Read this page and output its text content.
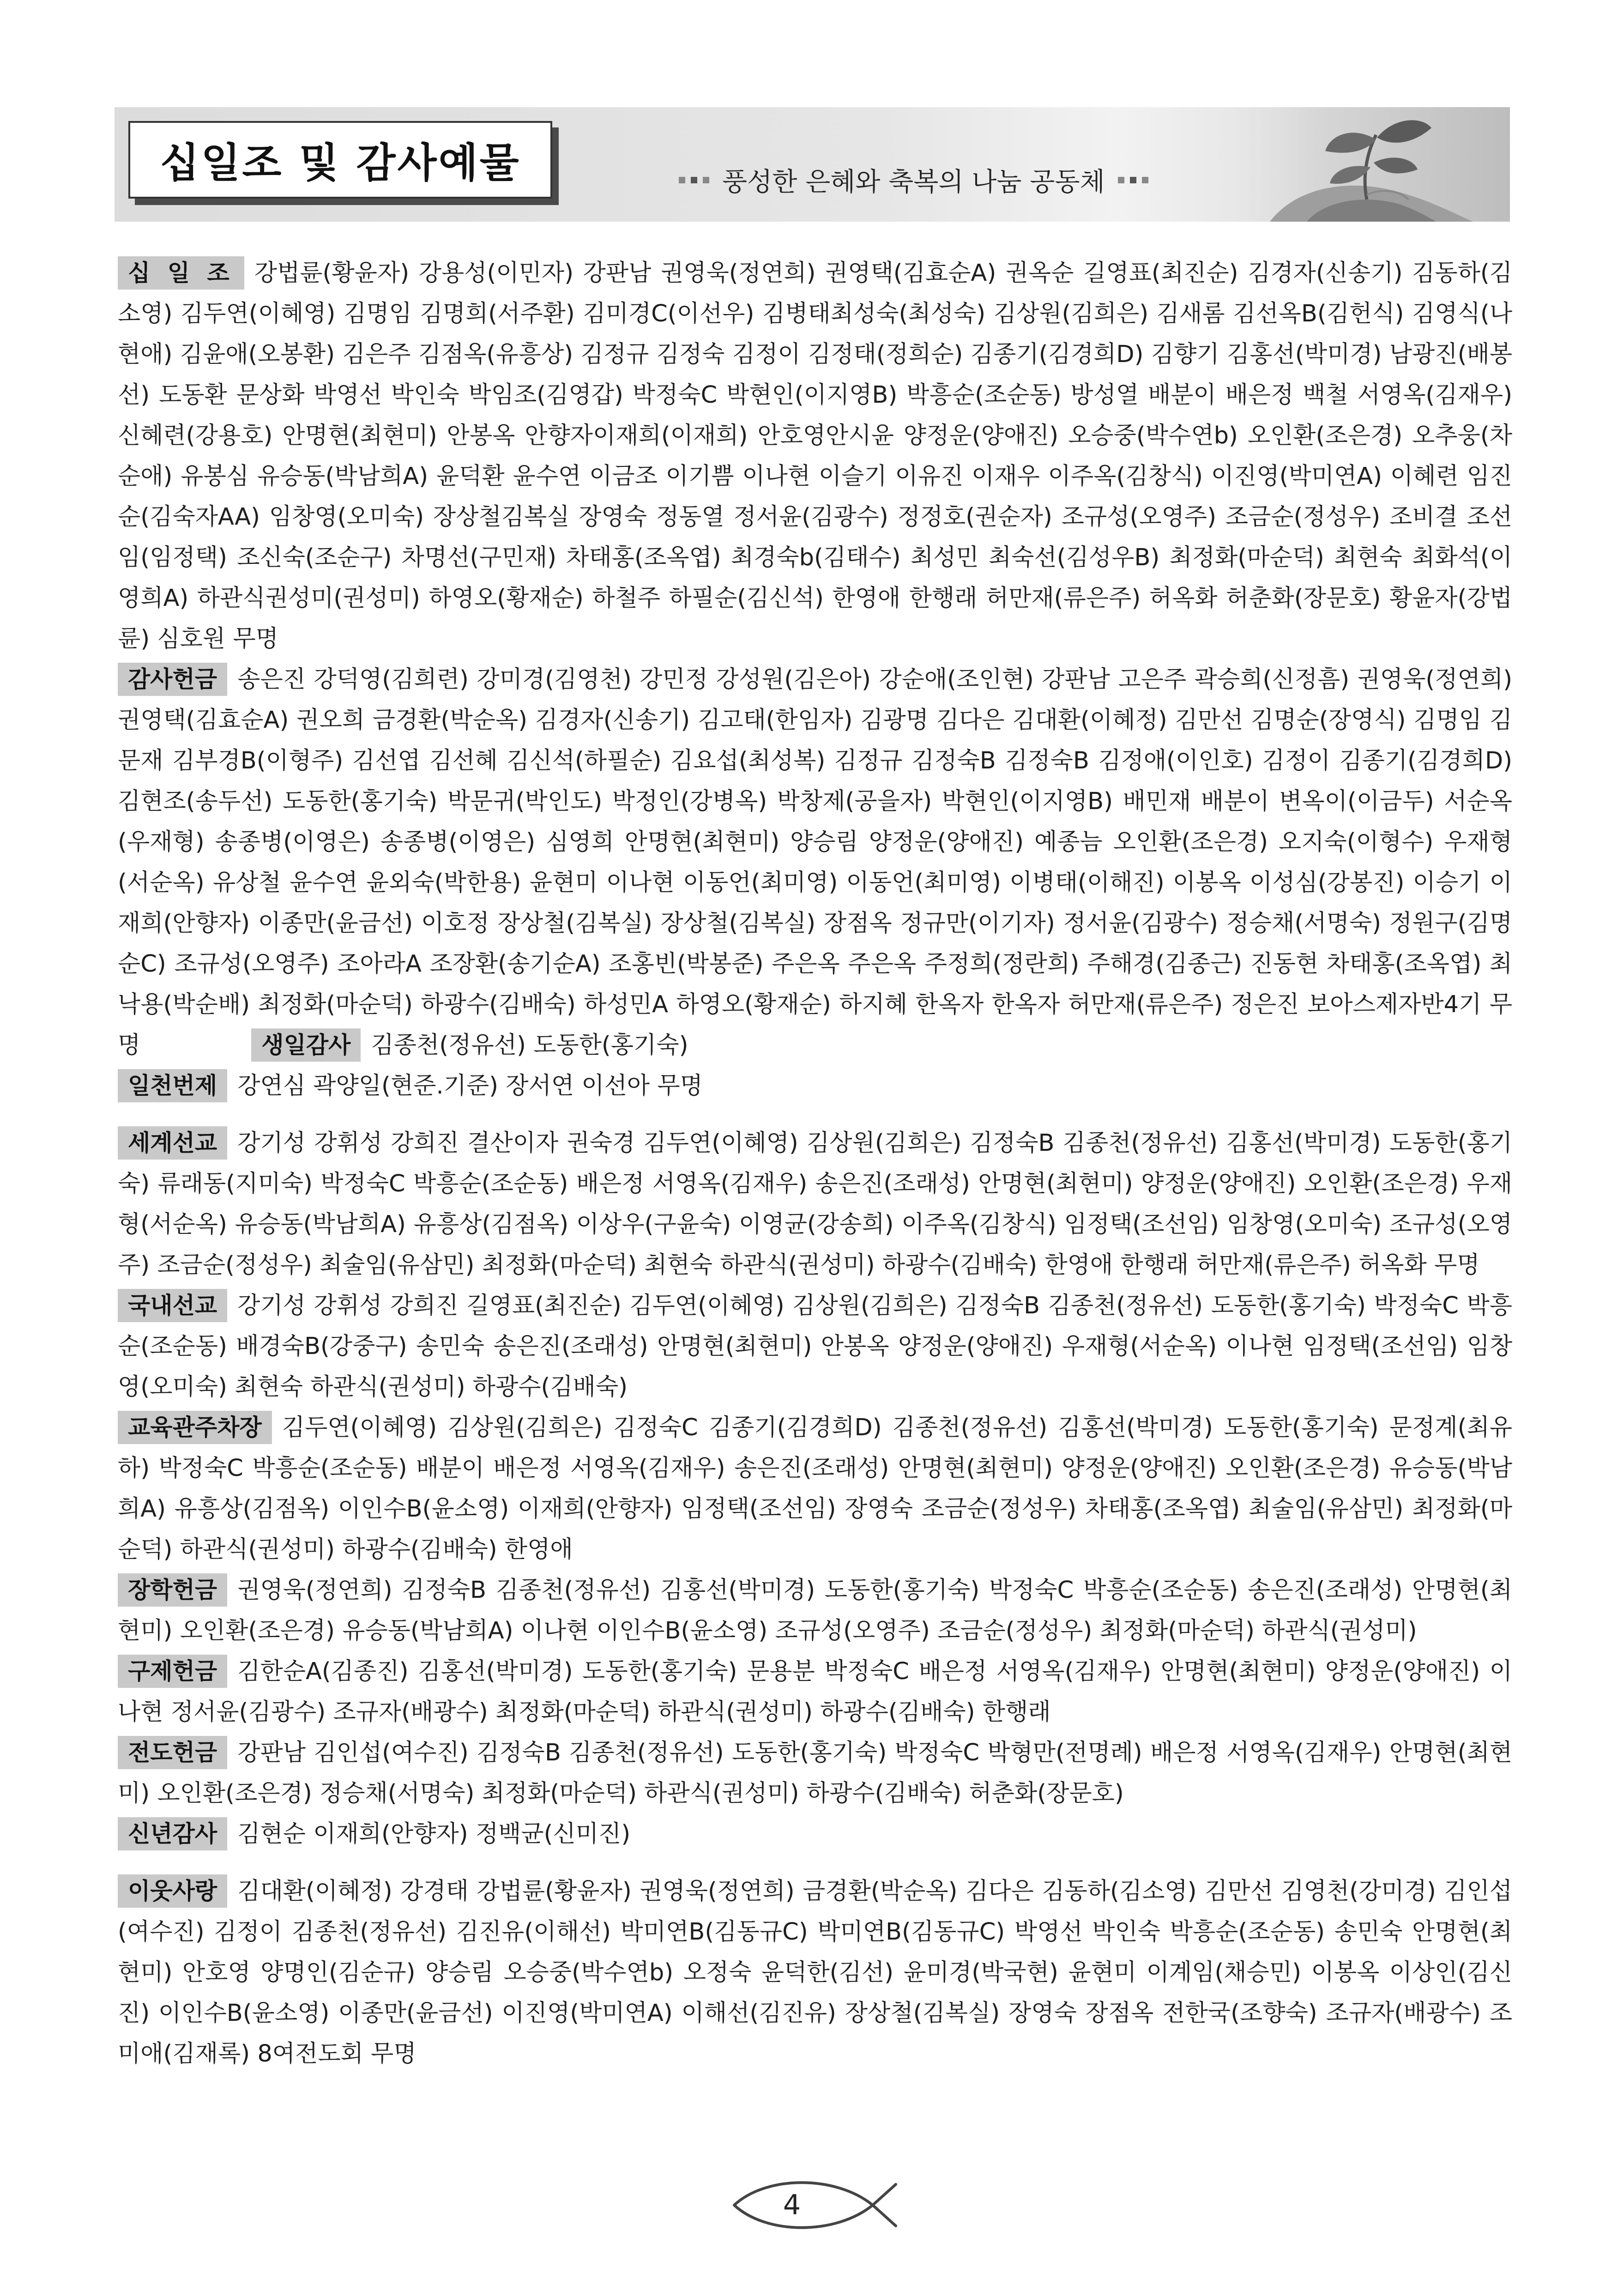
십일조 및 감사예물	풍성한 은혜와 축복의 나눔 공동체

십 일 조 강법륜(황윤자) 강용성(이민자) 강판남 권영욱(정연희) 권영택(김효순A) 권옥순 길영표(최진순) 김경자(신송기) 김동하(김소영) 김두연(이혜영) 김명임 김명희(서주환) 김미경C(이선우) 김병태최성숙(최성숙) 김상원(김희은) 김새롬 김선옥B(김헌식) 김영식(나현애) 김윤애(오봉환) 김은주 김점옥(유흥상) 김정규 김정숙 김정이 김정태(정희순) 김종기(김경희D) 김향기 김홍선(박미경) 남광진(배봉선) 도동환 문상화 박영선 박인숙 박임조(김영갑) 박정숙C 박현인(이지영B) 박흥순(조순동) 방성열 배분이 배은정 백철 서영옥(김재우) 신혜련(강용호) 안명현(최현미) 안봉옥 안향자이재희(이재희) 안호영안시윤 양정운(양애진) 오승중(박수연b) 오인환(조은경) 오추웅(차순애) 유봉심 유승동(박남희A) 윤덕환 윤수연 이금조 이기쁨 이나현 이슬기 이유진 이재우 이주옥(김창식) 이진영(박미연A) 이혜련 임진순(김숙자AA) 임창영(오미숙) 장상철김복실 장영숙 정동열 정서윤(김광수) 정정호(권순자) 조규성(오영주) 조금순(정성우) 조비결 조선임(임정택) 조신숙(조순구) 차명선(구민재) 차태홍(조옥엽) 최경숙b(김태수) 최성민 최숙선(김성우B) 최정화(마순덕) 최현숙 최화석(이영희A) 하관식권성미(권성미) 하영오(황재순) 하철주 하필순(김신석) 한영애 한행래 허만재(류은주) 허옥화 허춘화(장문호) 황윤자(강법륜) 심호원 무명

감사헌금 송은진 강덕영(김희련) 강미경(김영천) 강민정 강성원(김은아) 강순애(조인현) 강판남 고은주 곽승희(신정흠) 권영욱(정연희) 권영택(김효순A) 권오희 금경환(박순옥) 김경자(신송기) 김고태(한임자) 김광명 김다은 김대환(이혜정) 김만선 김명순(장영식) 김명임 김문재 김부경B(이형주) 김선엽 김선혜 김신석(하필순) 김요섭(최성복) 김정규 김정숙B 김정숙B 김정애(이인호) 김정이 김종기(김경희D) 김현조(송두선) 도동한(홍기숙) 박문귀(박인도) 박정인(강병옥) 박창제(공을자) 박현인(이지영B) 배민재 배분이 변옥이(이금두) 서순옥(우재형) 송종병(이영은) 송종병(이영은) 심영희 안명현(최현미) 양승림 양정운(양애진) 예종늠 오인환(조은경) 오지숙(이형수) 우재형(서순옥) 유상철 윤수연 윤외숙(박한용) 윤현미 이나현 이동언(최미영) 이동언(최미영) 이병태(이해진) 이봉옥 이성심(강봉진) 이승기 이재희(안향자) 이종만(윤금선) 이호정 장상철(김복실) 장상철(김복실) 장점옥 정규만(이기자) 정서윤(김광수) 정승채(서명숙) 정원구(김명순C) 조규성(오영주) 조아라A 조장환(송기순A) 조홍빈(박봉준) 주은옥 주은옥 주정희(정란희) 주해경(김종근) 진동현 차태홍(조옥엽) 최낙용(박순배) 최정화(마순덕) 하광수(김배숙) 하성민A 하영오(황재순) 하지혜 한옥자 한옥자 허만재(류은주) 정은진 보아스제자반4기 무명	생일감사 김종천(정유선) 도동한(홍기숙)

일천번제 강연심 곽양일(현준.기준) 장서연 이선아 무명

세계선교 강기성 강휘성 강희진 결산이자 권숙경 김두연(이혜영) 김상원(김희은) 김정숙B 김종천(정유선) 김홍선(박미경) 도동한(홍기숙) 류래동(지미숙) 박정숙C 박흥순(조순동) 배은정 서영옥(김재우) 송은진(조래성) 안명현(최현미) 양정운(양애진) 오인환(조은경) 우재형(서순옥) 유승동(박남희A) 유흥상(김점옥) 이상우(구윤숙) 이영균(강송희) 이주옥(김창식) 임정택(조선임) 임창영(오미숙) 조규성(오영주) 조금순(정성우) 최술임(유삼민) 최정화(마순덕) 최현숙 하관식(권성미) 하광수(김배숙) 한영애 한행래 허만재(류은주) 허옥화 무명

국내선교 강기성 강휘성 강희진 길영표(최진순) 김두연(이혜영) 김상원(김희은) 김정숙B 김종천(정유선) 도동한(홍기숙) 박정숙C 박흥순(조순동) 배경숙B(강중구) 송민숙 송은진(조래성) 안명현(최현미) 안봉옥 양정운(양애진) 우재형(서순옥) 이나현 임정택(조선임) 임창영(오미숙) 최현숙 하관식(권성미) 하광수(김배숙)

교육관주차장 김두연(이혜영) 김상원(김희은) 김정숙C 김종기(김경희D) 김종천(정유선) 김홍선(박미경) 도동한(홍기숙) 문정계(최유하) 박정숙C 박흥순(조순동) 배분이 배은정 서영옥(김재우) 송은진(조래성) 안명현(최현미) 양정운(양애진) 오인환(조은경) 유승동(박남희A) 유흥상(김점옥) 이인수B(윤소영) 이재희(안향자) 임정택(조선임) 장영숙 조금순(정성우) 차태홍(조옥엽) 최술임(유삼민) 최정화(마순덕) 하관식(권성미) 하광수(김배숙) 한영애

장학헌금 권영욱(정연희) 김정숙B 김종천(정유선) 김홍선(박미경) 도동한(홍기숙) 박정숙C 박흥순(조순동) 송은진(조래성) 안명현(최현미) 오인환(조은경) 유승동(박남희A) 이나현 이인수B(윤소영) 조규성(오영주) 조금순(정성우) 최정화(마순덕) 하관식(권성미)

구제헌금 김한순A(김종진) 김홍선(박미경) 도동한(홍기숙) 문용분 박정숙C 배은정 서영옥(김재우) 안명현(최현미) 양정운(양애진) 이나현 정서윤(김광수) 조규자(배광수) 최정화(마순덕) 하관식(권성미) 하광수(김배숙) 한행래

전도헌금 강판남 김인섭(여수진) 김정숙B 김종천(정유선) 도동한(홍기숙) 박정숙C 박형만(전명례) 배은정 서영옥(김재우) 안명현(최현미) 오인환(조은경) 정승채(서명숙) 최정화(마순덕) 하관식(권성미) 하광수(김배숙) 허춘화(장문호)

신년감사 김현순 이재희(안향자) 정백균(신미진)

이웃사랑 김대환(이혜정) 강경태 강법륜(황윤자) 권영욱(정연희) 금경환(박순옥) 김다은 김동하(김소영) 김만선 김영천(강미경) 김인섭(여수진) 김정이 김종천(정유선) 김진유(이해선) 박미연B(김동규C) 박미연B(김동규C) 박영선 박인숙 박흥순(조순동) 송민숙 안명현(최현미) 안호영 양명인(김순규) 양승림 오승중(박수연b) 오정숙 윤덕한(김선) 윤미경(박국현) 윤현미 이계임(채승민) 이봉옥 이상인(김신진) 이인수B(윤소영) 이종만(윤금선) 이진영(박미연A) 이해선(김진유) 장상철(김복실) 장영숙 장점옥 전한국(조향숙) 조규자(배광수) 조미애(김재록) 8여전도회 무명

4
